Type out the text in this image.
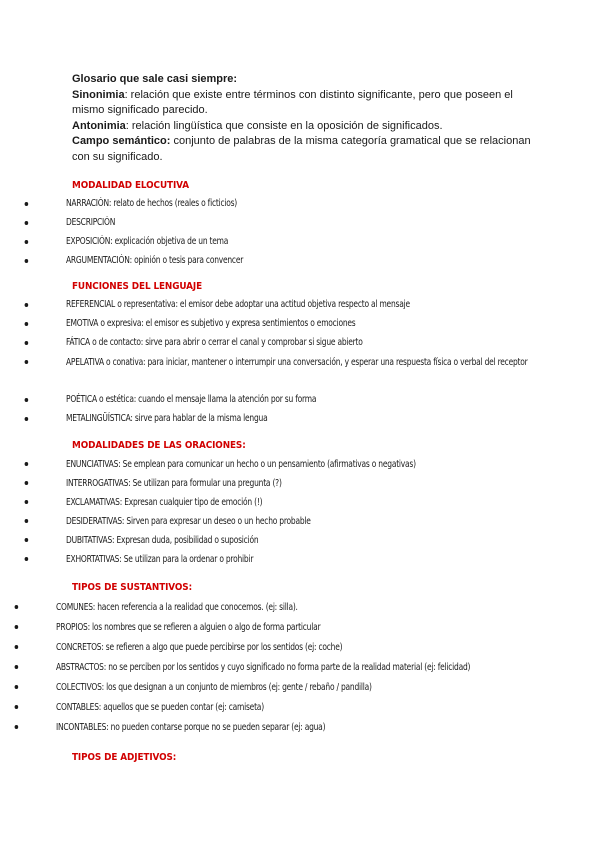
Glosario que sale casi siempre:

Sinonimia: relación que existe entre términos con distinto significante, pero que poseen el mismo significado parecido.

Antonimia: relación lingüística que consiste en la oposición de significados.

Campo semántico: conjunto de palabras de la misma categoría gramatical que se relacionan con su significado.

MODALIDAD ELOCUTIVA
NARRACIÓN: relato de hechos (reales o ficticios)
DESCRIPCIÓN
EXPOSICIÓN: explicación objetiva de un tema
ARGUMENTACIÓN: opinión o tesis para convencer
FUNCIONES DEL LENGUAJE
REFERENCIAL o representativa: el emisor debe adoptar una actitud objetiva respecto al mensaje
EMOTIVA o expresiva: el emisor es subjetivo y expresa sentimientos o emociones
FÁTICA o de contacto: sirve para abrir o cerrar el canal y comprobar si sigue abierto
APELATIVA o conativa: para iniciar, mantener o interrumpir una conversación, y esperar una respuesta física o verbal del receptor
POÉTICA o estética: cuando el mensaje llama la atención por su forma
METALINGÜÍSTICA: sirve para hablar de la misma lengua
MODALIDADES DE LAS ORACIONES:
ENUNCIATIVAS: Se emplean para comunicar un hecho o un pensamiento (afirmativas o negativas)
INTERROGATIVAS: Se utilizan para formular una pregunta (?)
EXCLAMATIVAS: Expresan cualquier tipo de emoción (!)
DESIDERATIVAS: Sirven para expresar un deseo o un hecho probable
DUBITATIVAS: Expresan duda, posibilidad o suposición
EXHORTATIVAS: Se utilizan para la ordenar o prohibir
TIPOS DE SUSTANTIVOS:
COMUNES: hacen referencia a la realidad que conocemos. (ej: silla).
PROPIOS: los nombres que se refieren a alguien o algo de forma particular
CONCRETOS: se refieren a algo que puede percibirse por los sentidos (ej: coche)
ABSTRACTOS: no se perciben por los sentidos y cuyo significado no forma parte de la realidad material (ej: felicidad)
COLECTIVOS: los que designan a un conjunto de miembros (ej: gente / rebaño / pandilla)
CONTABLES: aquellos que se pueden contar (ej: camiseta)
INCONTABLES: no pueden contarse porque no se pueden separar (ej: agua)
TIPOS DE ADJETIVOS:
